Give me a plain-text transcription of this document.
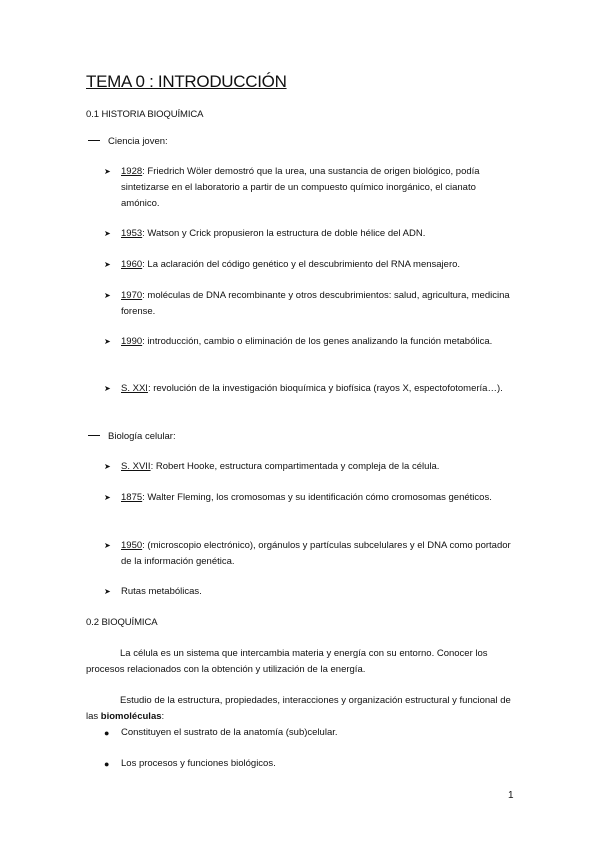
TEMA 0 : INTRODUCCIÓN
0.1 HISTORIA BIOQUÍMICA
Ciencia joven:
➤ 1928: Friedrich Wöler demostró que la urea, una sustancia de origen biológico, podía sintetizarse en el laboratorio a partir de un compuesto químico inorgánico, el cianato amónico.
➤ 1953: Watson y Crick propusieron la estructura de doble hélice del ADN.
➤ 1960: La aclaración del código genético y el descubrimiento del RNA mensajero.
➤ 1970: moléculas de DNA recombinante y otros descubrimientos: salud, agricultura, medicina forense.
➤ 1990: introducción, cambio o eliminación de los genes analizando la función metabólica.
➤ S. XXI: revolución de la investigación bioquímica y biofísica (rayos X, espectofotomería…).
Biología celular:
➤ S. XVII: Robert Hooke, estructura compartimentada y compleja de la célula.
➤ 1875: Walter Fleming, los cromosomas y su identificación cómo cromosomas genéticos.
➤ 1950: (microscopio electrónico), orgánulos y partículas subcelulares y el DNA como portador de la información genética.
➤ Rutas metabólicas.
0.2 BIOQUÍMICA
La célula es un sistema que intercambia materia y energía con su entorno. Conocer los procesos relacionados con la obtención y utilización de la energía.
Estudio de la estructura, propiedades, interacciones y organización estructural y funcional de las biomoléculas:
● Constituyen el sustrato de la anatomía (sub)celular.
● Los procesos y funciones biológicos.
1
